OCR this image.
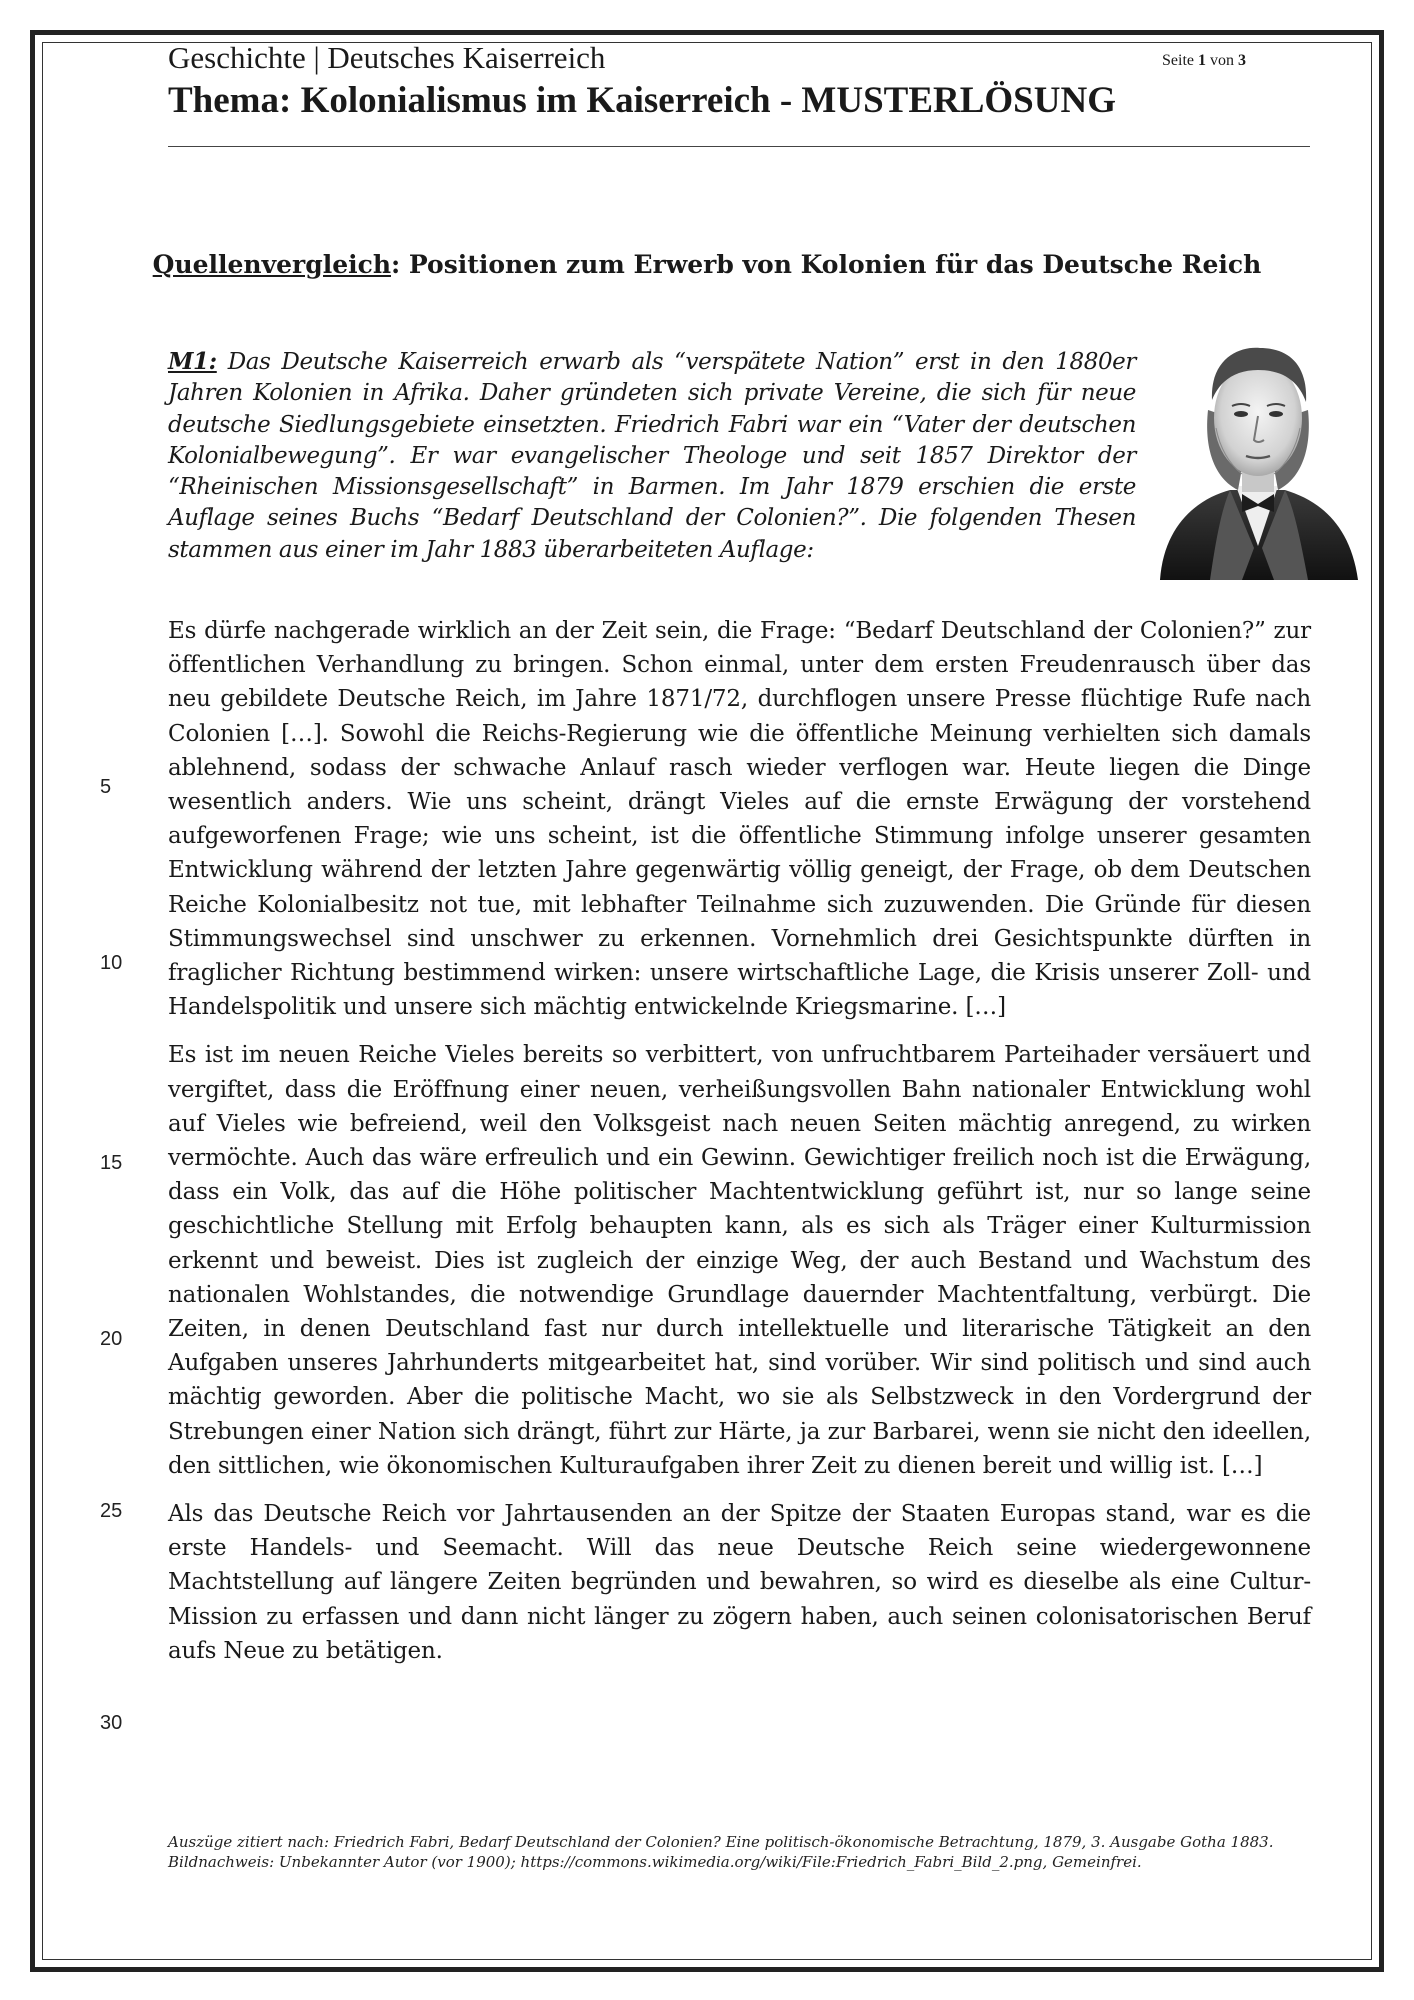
Geschichte | Deutsches Kaiserreich	Seite 1 von 3
Thema: Kolonialismus im Kaiserreich - MUSTERLÖSUNG
Quellenvergleich: Positionen zum Erwerb von Kolonien für das Deutsche Reich
M1: Das Deutsche Kaiserreich erwarb als “verspätete Nation” erst in den 1880er Jahren Kolonien in Afrika. Daher gründeten sich private Vereine, die sich für neue deutsche Siedlungsgebiete einsetzten. Friedrich Fabri war ein “Vater der deutschen Kolonialbewegung”. Er war evangelischer Theologe und seit 1857 Direktor der “Rheinischen Missionsgesellschaft” in Barmen. Im Jahr 1879 erschien die erste Auflage seines Buchs “Bedarf Deutschland der Colonien?”. Die folgenden Thesen stammen aus einer im Jahr 1883 überarbeiteten Auflage:

Es dürfe nachgerade wirklich an der Zeit sein, die Frage: “Bedarf Deutschland der Colonien?” zur öffentlichen Verhandlung zu bringen. Schon einmal, unter dem ersten Freudenrausch über das neu gebildete Deutsche Reich, im Jahre 1871/72, durchflogen unsere Presse flüchtige Rufe nach Colonien […]. Sowohl die Reichs-Regierung wie die öffentliche Meinung verhielten sich damals ablehnend, sodass der schwache Anlauf rasch wieder verflogen war. Heute liegen die Dinge wesentlich anders. Wie uns scheint, drängt Vieles auf die ernste Erwägung der vorstehend aufgeworfenen Frage; wie uns scheint, ist die öffentliche Stimmung infolge unserer gesamten Entwicklung während der letzten Jahre gegenwärtig völlig geneigt, der Frage, ob dem Deutschen Reiche Kolonialbesitz not tue, mit lebhafter Teilnahme sich zuzuwenden. Die Gründe für diesen Stimmungswechsel sind unschwer zu erkennen. Vornehmlich drei Gesichtspunkte dürften in fraglicher Richtung bestimmend wirken: unsere wirtschaftliche Lage, die Krisis unserer Zoll- und Handelspolitik und unsere sich mächtig entwickelnde Kriegsmarine. […]

Es ist im neuen Reiche Vieles bereits so verbittert, von unfruchtbarem Parteihader versäuert und vergiftet, dass die Eröffnung einer neuen, verheißungsvollen Bahn nationaler Entwicklung wohl auf Vieles wie befreiend, weil den Volksgeist nach neuen Seiten mächtig anregend, zu wirken vermöchte. Auch das wäre erfreulich und ein Gewinn. Gewichtiger freilich noch ist die Erwägung, dass ein Volk, das auf die Höhe politischer Machtentwicklung geführt ist, nur so lange seine geschichtliche Stellung mit Erfolg behaupten kann, als es sich als Träger einer Kulturmission erkennt und beweist. Dies ist zugleich der einzige Weg, der auch Bestand und Wachstum des nationalen Wohlstandes, die notwendige Grundlage dauernder Machtentfaltung, verbürgt. Die Zeiten, in denen Deutschland fast nur durch intellektuelle und literarische Tätigkeit an den Aufgaben unseres Jahrhunderts mitgearbeitet hat, sind vorüber. Wir sind politisch und sind auch mächtig geworden. Aber die politische Macht, wo sie als Selbstzweck in den Vordergrund der Strebungen einer Nation sich drängt, führt zur Härte, ja zur Barbarei, wenn sie nicht den ideellen, den sittlichen, wie ökonomischen Kulturaufgaben ihrer Zeit zu dienen bereit und willig ist. […]

Als das Deutsche Reich vor Jahrtausenden an der Spitze der Staaten Europas stand, war es die erste Handels- und Seemacht. Will das neue Deutsche Reich seine wiedergewonnene Machtstellung auf längere Zeiten begründen und bewahren, so wird es dieselbe als eine Cultur-Mission zu erfassen und dann nicht länger zu zögern haben, auch seinen colonisatorischen Beruf aufs Neue zu betätigen.

5
10
15
20
25
30
Auszüge zitiert nach: Friedrich Fabri, Bedarf Deutschland der Colonien? Eine politisch-ökonomische Betrachtung, 1879, 3. Ausgabe Gotha 1883.
Bildnachweis: Unbekannter Autor (vor 1900); https://commons.wikimedia.org/wiki/File:Friedrich_Fabri_Bild_2.png, Gemeinfrei.
